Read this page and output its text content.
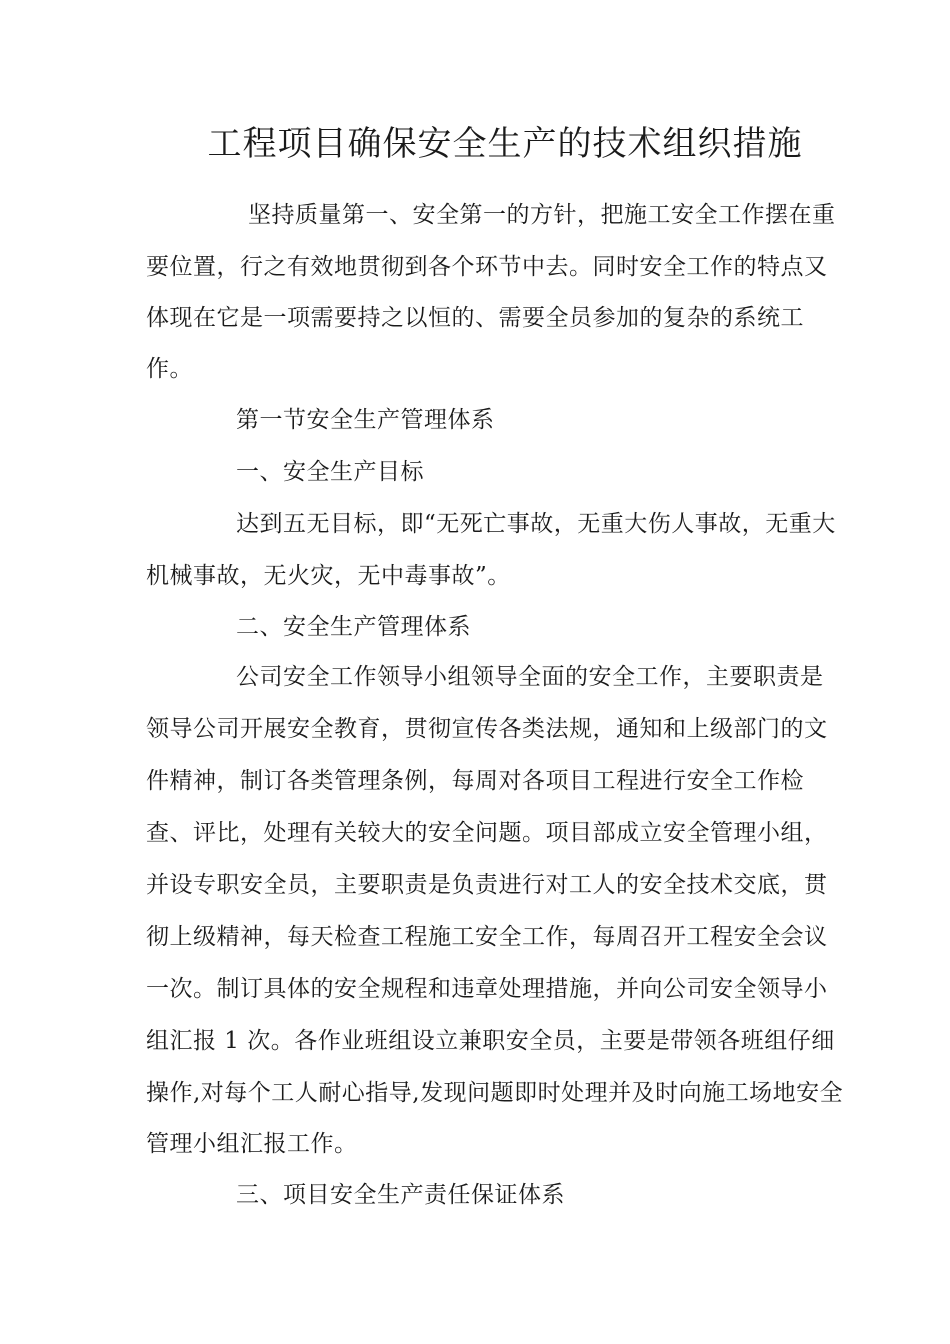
工程项目确保安全生产的技术组织措施
坚持质量第一、安全第一的方针，把施工安全工作摆在重
要位置，行之有效地贯彻到各个环节中去。同时安全工作的特点又
体现在它是一项需要持之以恒的、需要全员参加的复杂的系统工
作。
第一节安全生产管理体系
一、安全生产目标
达到五无目标，即“无死亡事故，无重大伤人事故，无重大
机械事故，无火灾，无中毒事故”。
二、安全生产管理体系
公司安全工作领导小组领导全面的安全工作，主要职责是
领导公司开展安全教育，贯彻宣传各类法规，通知和上级部门的文
件精神，制订各类管理条例，每周对各项目工程进行安全工作检
查、评比，处理有关较大的安全问题。项目部成立安全管理小组，
并设专职安全员，主要职责是负责进行对工人的安全技术交底，贯
彻上级精神，每天检查工程施工安全工作，每周召开工程安全会议
一次。制订具体的安全规程和违章处理措施，并向公司安全领导小
组汇报 1 次。各作业班组设立兼职安全员，主要是带领各班组仔细
操作,对每个工人耐心指导,发现问题即时处理并及时向施工场地安全
管理小组汇报工作。
三、项目安全生产责任保证体系
